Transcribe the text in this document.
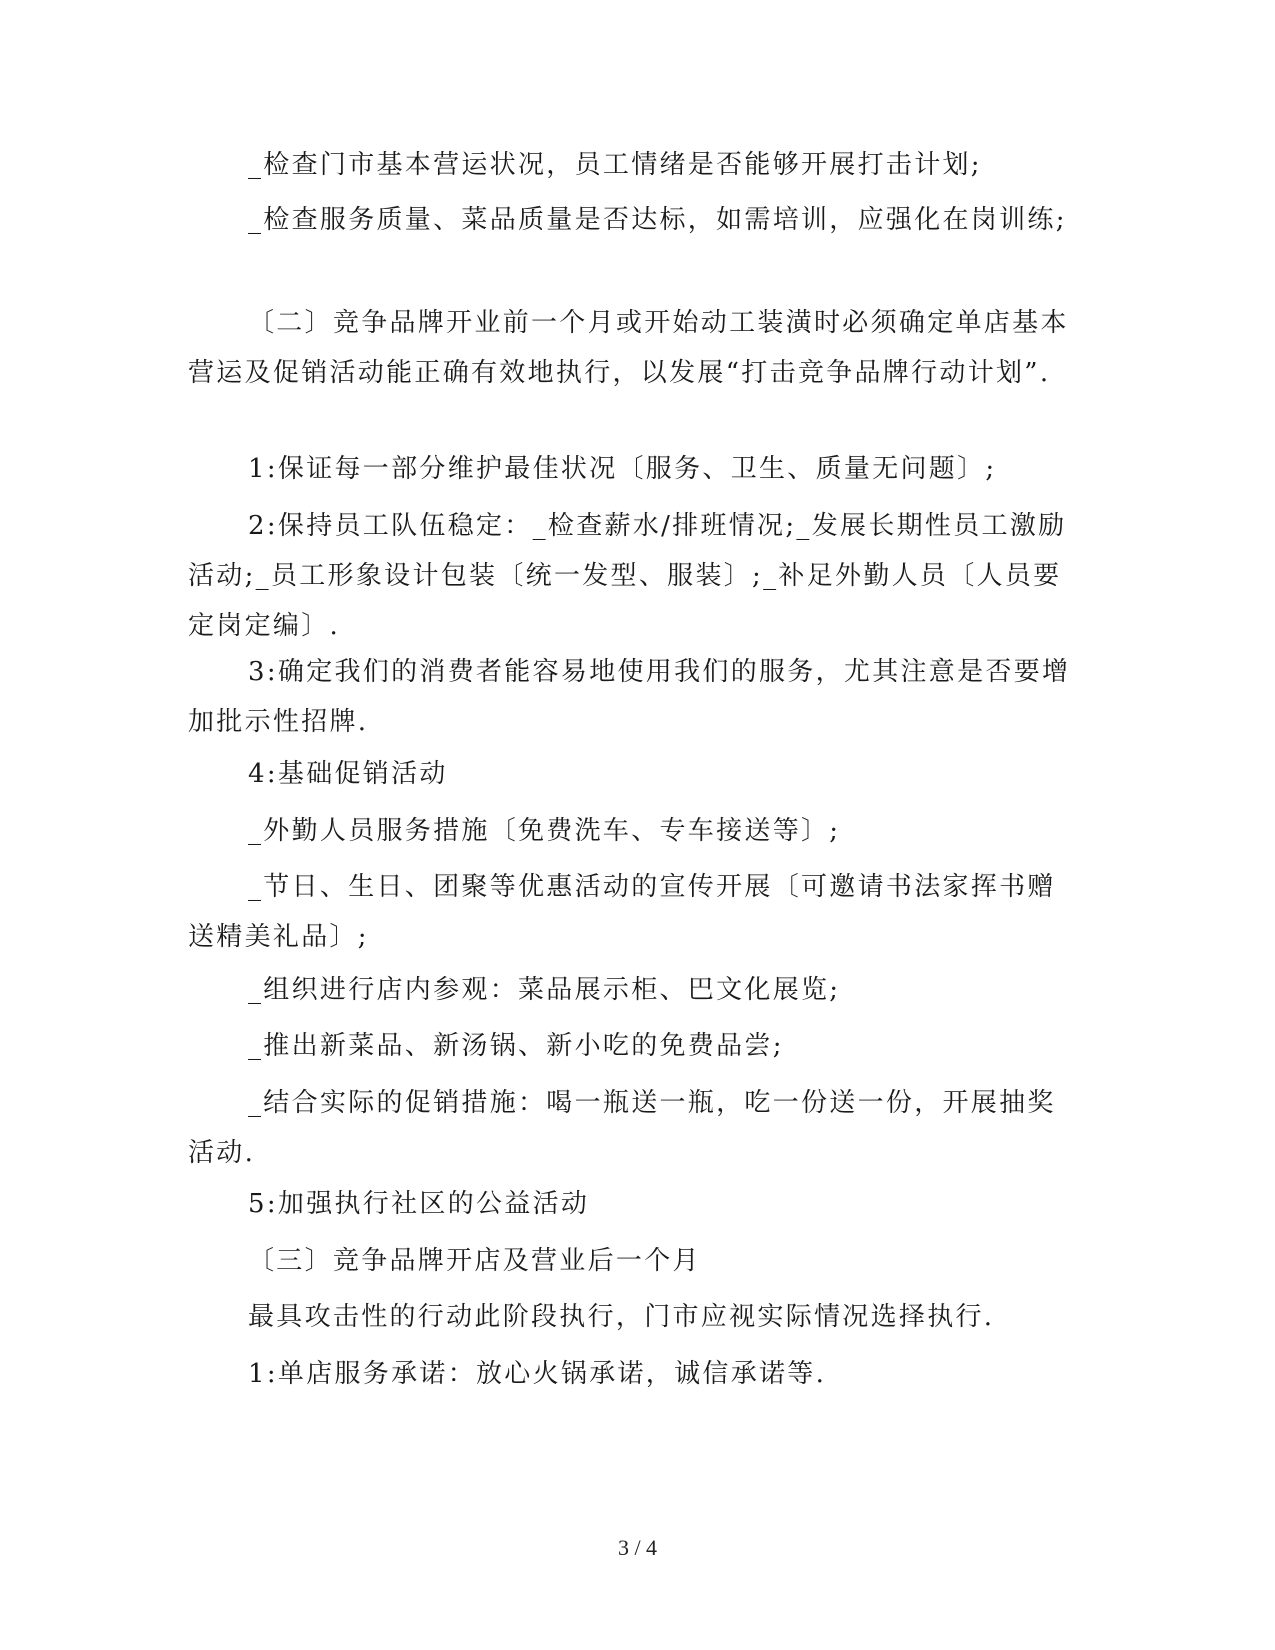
_检查门市基本营运状况，员工情绪是否能够开展打击计划;

_检查服务质量、菜品质量是否达标，如需培训，应强化在岗训练;

〔二〕竞争品牌开业前一个月或开始动工装潢时必须确定单店基本营运及促销活动能正确有效地执行，以发展“打击竞争品牌行动计划”.

1:保证每一部分维护最佳状况〔服务、卫生、质量无问题〕;

2:保持员工队伍稳定：_检查薪水/排班情况;_发展长期性员工激励活动;_员工形象设计包装〔统一发型、服装〕;_补足外勤人员〔人员要定岗定编〕.

3:确定我们的消费者能容易地使用我们的服务，尤其注意是否要增加批示性招牌.

4:基础促销活动

_外勤人员服务措施〔免费洗车、专车接送等〕;

_节日、生日、团聚等优惠活动的宣传开展〔可邀请书法家挥书赠送精美礼品〕;

_组织进行店内参观：菜品展示柜、巴文化展览;

_推出新菜品、新汤锅、新小吃的免费品尝;

_结合实际的促销措施：喝一瓶送一瓶，吃一份送一份，开展抽奖活动.

5:加强执行社区的公益活动

〔三〕竞争品牌开店及营业后一个月

最具攻击性的行动此阶段执行，门市应视实际情况选择执行.

1:单店服务承诺：放心火锅承诺，诚信承诺等.

3 / 4
